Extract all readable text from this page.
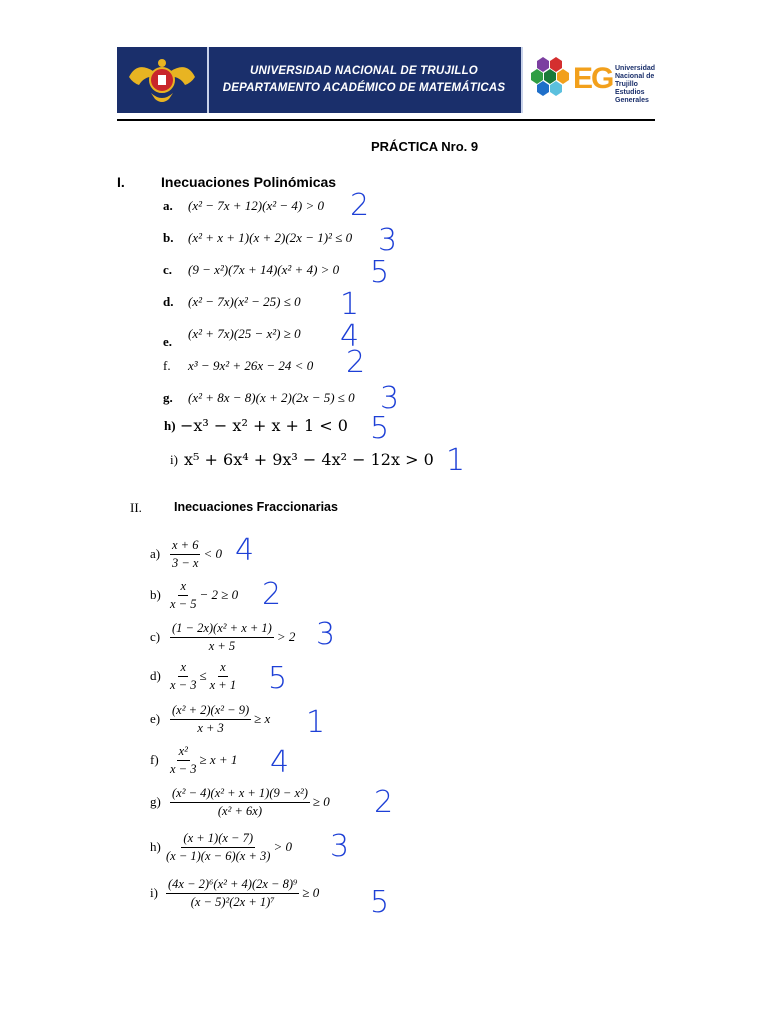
UNIVERSIDAD NACIONAL DE TRUJILLO
DEPARTAMENTO ACADÉMICO DE MATEMÁTICAS EG Universidad
Nacional de Trujillo
Estudios Generales
PRÁCTICA Nro. 9
I.	Inecuaciones Polinómicas
a. (x² − 7x + 12)(x² − 4) > 0 2
b. (x² + x + 1)(x + 2)(2x − 1)² ≤ 0 3
c. (9 − x²)(7x + 14)(x² + 4) > 0 5
d. (x² − 7x)(x² − 25) ≤ 0 1
e.
(x² + 7x)(25 − x²) ≥ 0 4
f. x³ − 9x² + 26x − 24 < 0 2
g. (x² + 8x − 8)(x + 2)(2x − 5) ≤ 0 3
h) −x³ − x² + x + 1 < 0 5
i) x⁵ + 6x⁴ + 9x³ − 4x² − 12x > 0 1
II.	Inecuaciones Fraccionarias
$a) \frac{x + 6}{3 - x} < 0$ 4
$b) \frac{x}{x - 5} - 2 \ge 0$ 2
$c) \frac{\text{(1 − 2x)(x² + x + 1)}}{x + 5} > 2$ 3
$d) \frac{x}{x - 3} \le \frac{x}{x + 1} 5$
$e) \frac{\text{(x² + 2)(x² − 9)}}{x + 3} \ge x$ 1
$f) \frac{\text{x²}}{x - 3} \ge x + 1$ 4
$g) \frac{\text{(x² − 4)(x² + x + 1)(9 − x²)}}{\text{(x² + 6x)}} \ge 0$ 2
$h) \frac{(x + 1)(x - 7)}{(x - 1)(x - 6)(x + 3)} > 0$ 3
$i) \frac{\text{(4x − 2)⁶(x² + 4)(2x − 8)⁹}}{\text{(x − 5)²(2x + 1)⁷}} \ge 0$ 5
